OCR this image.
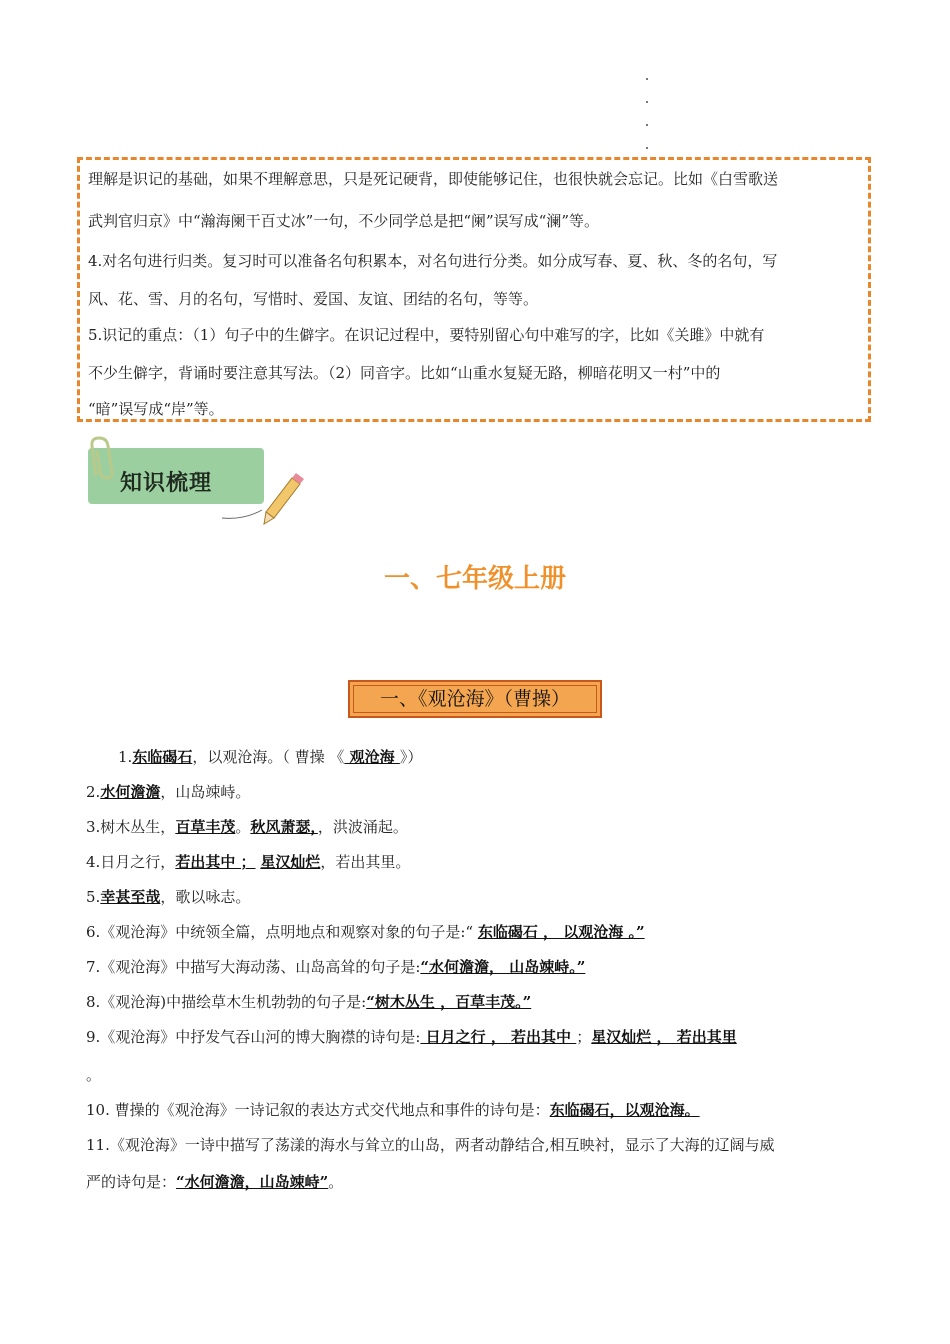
理解是识记的基础，如果不理解意思，只是死记硬背，即使能够记住，也很快就会忘记。比如《白雪歌送
武判官归京》中“瀚海阑干百丈冰”一句，不少同学总是把“阑”误写成“澜”等。
4.对名句进行归类。复习时可以准备名句积累本，对名句进行分类。如分成写春、夏、秋、冬的名句，写
风、花、雪、月的名句，写惜时、爱国、友谊、团结的名句，等等。
5.识记的重点：（1）句子中的生僻字。在识记过程中，要特别留心句中难写的字，比如《关雎》中就有
不少生僻字，背诵时要注意其写法。（2）同音字。比如“山重水复疑无路，柳暗花明又一村”中的
“暗”误写成“岸”等。
知识梳理
一、七年级上册
一、《观沧海》（曹操）
1.东临碣石，以观沧海。（ 曹操 《 观沧海 》）
2.水何澹澹，山岛竦峙。
3.树木丛生，百草丰茂。秋风萧瑟，，洪波涌起。
4.日月之行，若出其中 ； 星汉灿烂，若出其里。
5.幸甚至哉，歌以咏志。
6.《观沧海》中统领全篇，点明地点和观察对象的句子是:“ 东临碣石 ， 以观沧海 。”
7.《观沧海》中描写大海动荡、山岛高耸的句子是:“水何澹澹， 山岛竦峙。”
8.《观沧海)中描绘草木生机勃勃的句子是:“树木丛生 ，百草丰茂。”
9.《观沧海》中抒发气吞山河的博大胸襟的诗句是: 日月之行 ， 若出其中 ；星汉灿烂 ， 若出其里
。
10. 曹操的《观沧海》一诗记叙的表达方式交代地点和事件的诗句是：东临碣石，以观沧海。
11.《观沧海》一诗中描写了荡漾的海水与耸立的山岛，两者动静结合,相互映衬，显示了大海的辽阔与威
严的诗句是：“水何澹澹，山岛竦峙”。
